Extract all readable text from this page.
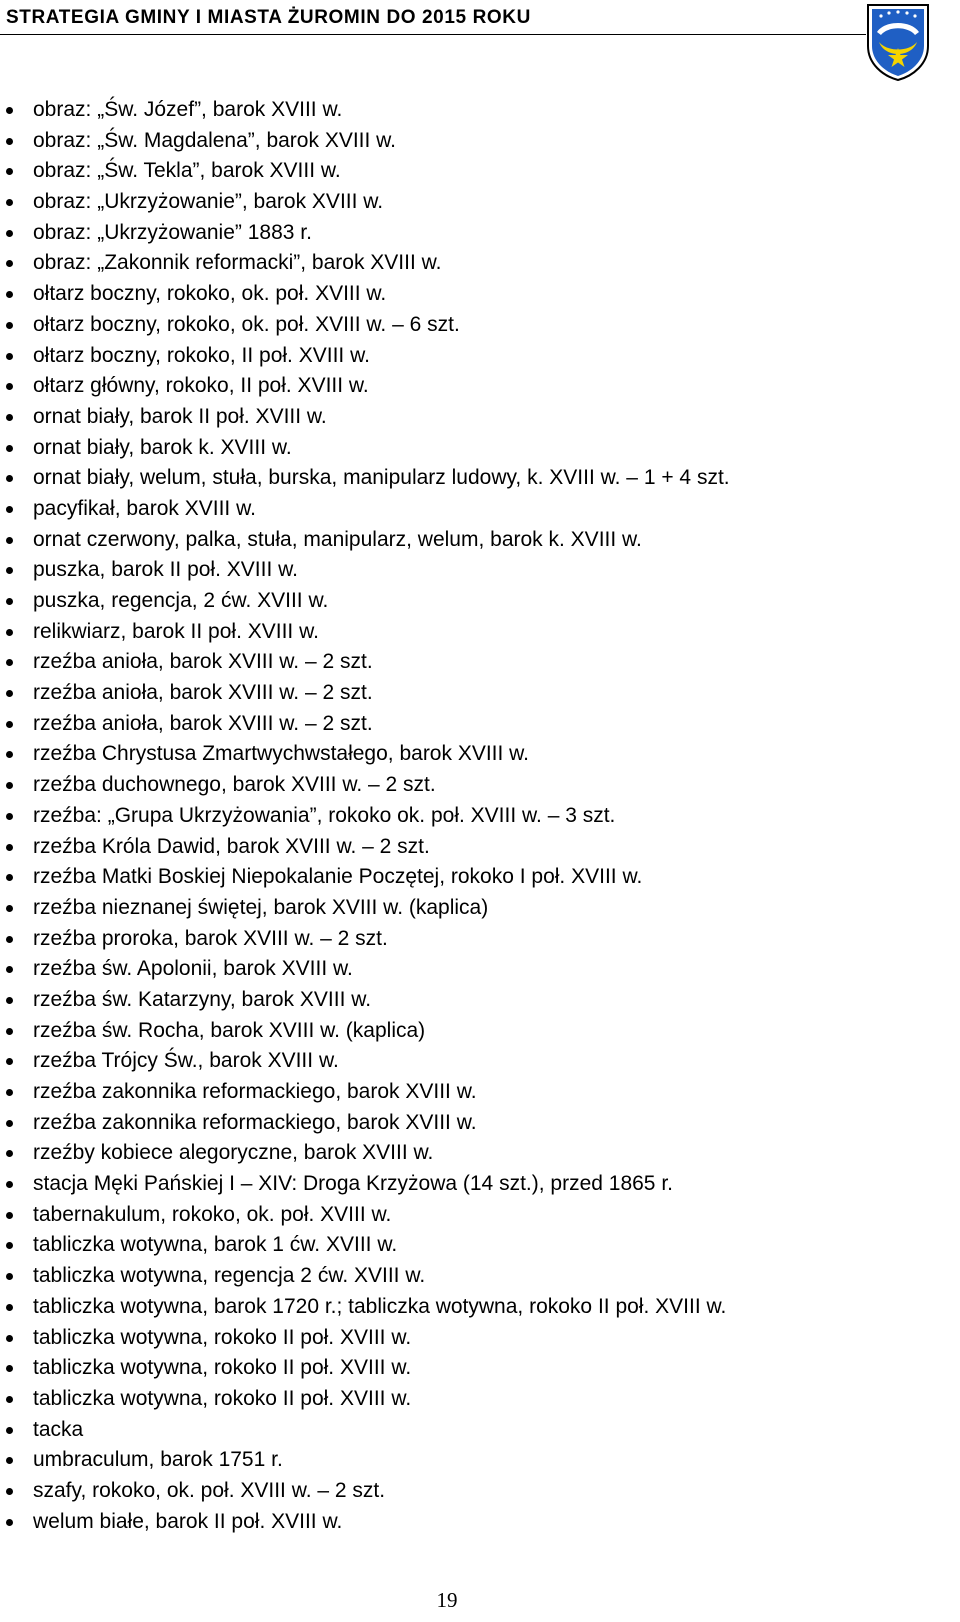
STRATEGIA GMINY I MIASTA ŻUROMIN DO 2015 ROKU
obraz: „Św. Józef”, barok XVIII w.
obraz: „Św. Magdalena”, barok XVIII w.
obraz: „Św. Tekla”, barok XVIII w.
obraz: „Ukrzyżowanie”, barok XVIII w.
obraz: „Ukrzyżowanie” 1883 r.
obraz: „Zakonnik reformacki”, barok XVIII w.
ołtarz boczny, rokoko, ok. poł. XVIII w.
ołtarz boczny, rokoko, ok. poł. XVIII w. – 6 szt.
ołtarz boczny, rokoko, II poł. XVIII w.
ołtarz główny, rokoko, II poł. XVIII w.
ornat biały, barok II poł. XVIII w.
ornat biały, barok k. XVIII w.
ornat biały, welum, stuła, burska, manipularz ludowy, k. XVIII w. – 1 + 4 szt.
pacyfikał, barok XVIII w.
ornat czerwony, palka, stuła, manipularz, welum, barok k. XVIII w.
puszka, barok II poł. XVIII w.
puszka, regencja, 2 ćw. XVIII w.
relikwiarz, barok II poł. XVIII w.
rzeźba anioła, barok XVIII w. – 2 szt.
rzeźba anioła, barok XVIII w. – 2 szt.
rzeźba anioła, barok XVIII w. – 2 szt.
rzeźba Chrystusa Zmartwychwstałego, barok XVIII w.
rzeźba duchownego, barok XVIII w. – 2 szt.
rzeźba: „Grupa Ukrzyżowania”, rokoko ok. poł. XVIII w. – 3 szt.
rzeźba Króla Dawid, barok XVIII w. – 2 szt.
rzeźba Matki Boskiej Niepokalanie Poczętej, rokoko I poł. XVIII w.
rzeźba nieznanej świętej, barok XVIII w. (kaplica)
rzeźba proroka, barok XVIII w. – 2 szt.
rzeźba św. Apolonii, barok XVIII w.
rzeźba św. Katarzyny, barok XVIII w.
rzeźba św. Rocha, barok XVIII w. (kaplica)
rzeźba Trójcy Św., barok XVIII w.
rzeźba zakonnika reformackiego, barok XVIII w.
rzeźba zakonnika reformackiego, barok XVIII w.
rzeźby kobiece alegoryczne, barok XVIII w.
stacja Męki Pańskiej I – XIV: Droga Krzyżowa (14 szt.), przed 1865 r.
tabernakulum, rokoko, ok. poł. XVIII w.
tabliczka wotywna, barok 1 ćw. XVIII w.
tabliczka wotywna, regencja 2 ćw. XVIII w.
tabliczka wotywna, barok 1720 r.; tabliczka wotywna, rokoko II poł. XVIII w.
tabliczka wotywna, rokoko II poł. XVIII w.
tabliczka wotywna, rokoko II poł. XVIII w.
tabliczka wotywna, rokoko II poł. XVIII w.
tacka
umbraculum, barok 1751 r.
szafy, rokoko, ok. poł. XVIII w. – 2 szt.
welum białe, barok II poł. XVIII w.
19
